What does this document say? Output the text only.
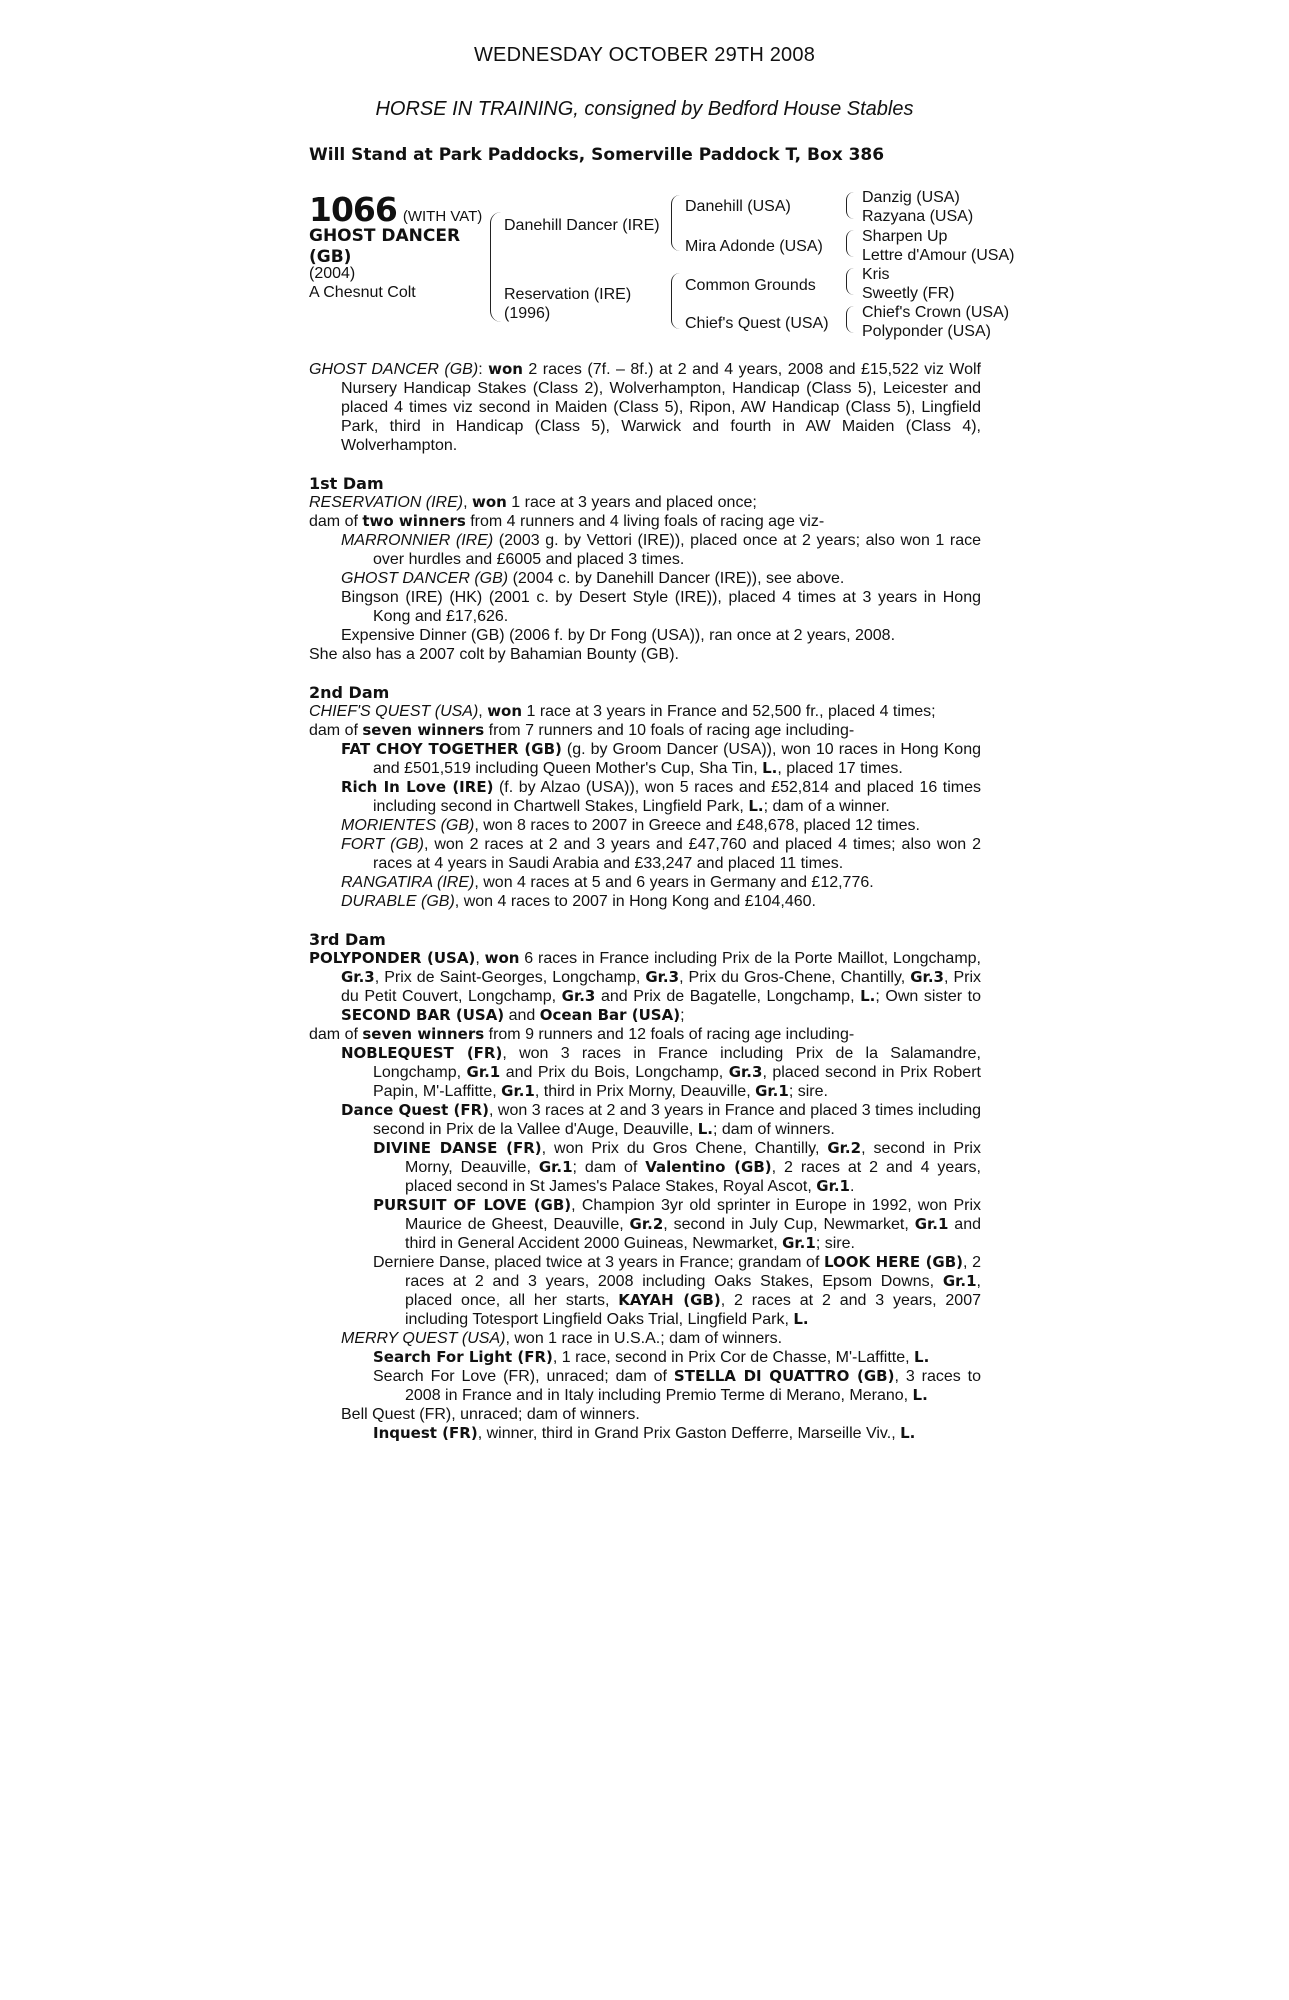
WEDNESDAY OCTOBER 29TH 2008
HORSE IN TRAINING, consigned by Bedford House Stables
Will Stand at Park Paddocks, Somerville Paddock T, Box 386
1066 (WITH VAT)
GHOST DANCER
(GB)
(2004)
A Chesnut Colt
Danehill Dancer (IRE)
Reservation (IRE)
(1996)
Danehill (USA)
Mira Adonde (USA)
Common Grounds
Chief's Quest (USA)
Danzig (USA)
Razyana (USA)
Sharpen Up
Lettre d'Amour (USA)
Kris
Sweetly (FR)
Chief's Crown (USA)
Polyponder (USA)

GHOST DANCER (GB): won 2 races (7f. – 8f.) at 2 and 4 years, 2008 and £15,522 viz Wolf Nursery Handicap Stakes (Class 2), Wolverhampton, Handicap (Class 5), Leicester and placed 4 times viz second in Maiden (Class 5), Ripon, AW Handicap (Class 5), Lingfield Park, third in Handicap (Class 5), Warwick and fourth in AW Maiden (Class 4), Wolverhampton.

1st Dam

RESERVATION (IRE), won 1 race at 3 years and placed once;

dam of two winners from 4 runners and 4 living foals of racing age viz-

MARRONNIER (IRE) (2003 g. by Vettori (IRE)), placed once at 2 years; also won 1 race over hurdles and £6005 and placed 3 times.

GHOST DANCER (GB) (2004 c. by Danehill Dancer (IRE)), see above.

Bingson (IRE) (HK) (2001 c. by Desert Style (IRE)), placed 4 times at 3 years in Hong Kong and £17,626.

Expensive Dinner (GB) (2006 f. by Dr Fong (USA)), ran once at 2 years, 2008.

She also has a 2007 colt by Bahamian Bounty (GB).

2nd Dam

CHIEF'S QUEST (USA), won 1 race at 3 years in France and 52,500 fr., placed 4 times;

dam of seven winners from 7 runners and 10 foals of racing age including-

FAT CHOY TOGETHER (GB) (g. by Groom Dancer (USA)), won 10 races in Hong Kong and £501,519 including Queen Mother's Cup, Sha Tin, L., placed 17 times.

Rich In Love (IRE) (f. by Alzao (USA)), won 5 races and £52,814 and placed 16 times including second in Chartwell Stakes, Lingfield Park, L.; dam of a winner.

MORIENTES (GB), won 8 races to 2007 in Greece and £48,678, placed 12 times.

FORT (GB), won 2 races at 2 and 3 years and £47,760 and placed 4 times; also won 2 races at 4 years in Saudi Arabia and £33,247 and placed 11 times.

RANGATIRA (IRE), won 4 races at 5 and 6 years in Germany and £12,776.

DURABLE (GB), won 4 races to 2007 in Hong Kong and £104,460.

3rd Dam

POLYPONDER (USA), won 6 races in France including Prix de la Porte Maillot, Longchamp, Gr.3, Prix de Saint-Georges, Longchamp, Gr.3, Prix du Gros-Chene, Chantilly, Gr.3, Prix du Petit Couvert, Longchamp, Gr.3 and Prix de Bagatelle, Longchamp, L.; Own sister to SECOND BAR (USA) and Ocean Bar (USA);

dam of seven winners from 9 runners and 12 foals of racing age including-

NOBLEQUEST (FR), won 3 races in France including Prix de la Salamandre, Longchamp, Gr.1 and Prix du Bois, Longchamp, Gr.3, placed second in Prix Robert Papin, M'-Laffitte, Gr.1, third in Prix Morny, Deauville, Gr.1; sire.

Dance Quest (FR), won 3 races at 2 and 3 years in France and placed 3 times including second in Prix de la Vallee d'Auge, Deauville, L.; dam of winners.

DIVINE DANSE (FR), won Prix du Gros Chene, Chantilly, Gr.2, second in Prix Morny, Deauville, Gr.1; dam of Valentino (GB), 2 races at 2 and 4 years, placed second in St James's Palace Stakes, Royal Ascot, Gr.1.

PURSUIT OF LOVE (GB), Champion 3yr old sprinter in Europe in 1992, won Prix Maurice de Gheest, Deauville, Gr.2, second in July Cup, Newmarket, Gr.1 and third in General Accident 2000 Guineas, Newmarket, Gr.1; sire.

Derniere Danse, placed twice at 3 years in France; grandam of LOOK HERE (GB), 2 races at 2 and 3 years, 2008 including Oaks Stakes, Epsom Downs, Gr.1, placed once, all her starts, KAYAH (GB), 2 races at 2 and 3 years, 2007 including Totesport Lingfield Oaks Trial, Lingfield Park, L.

MERRY QUEST (USA), won 1 race in U.S.A.; dam of winners.

Search For Light (FR), 1 race, second in Prix Cor de Chasse, M'-Laffitte, L.

Search For Love (FR), unraced; dam of STELLA DI QUATTRO (GB), 3 races to 2008 in France and in Italy including Premio Terme di Merano, Merano, L.

Bell Quest (FR), unraced; dam of winners.

Inquest (FR), winner, third in Grand Prix Gaston Defferre, Marseille Viv., L.
